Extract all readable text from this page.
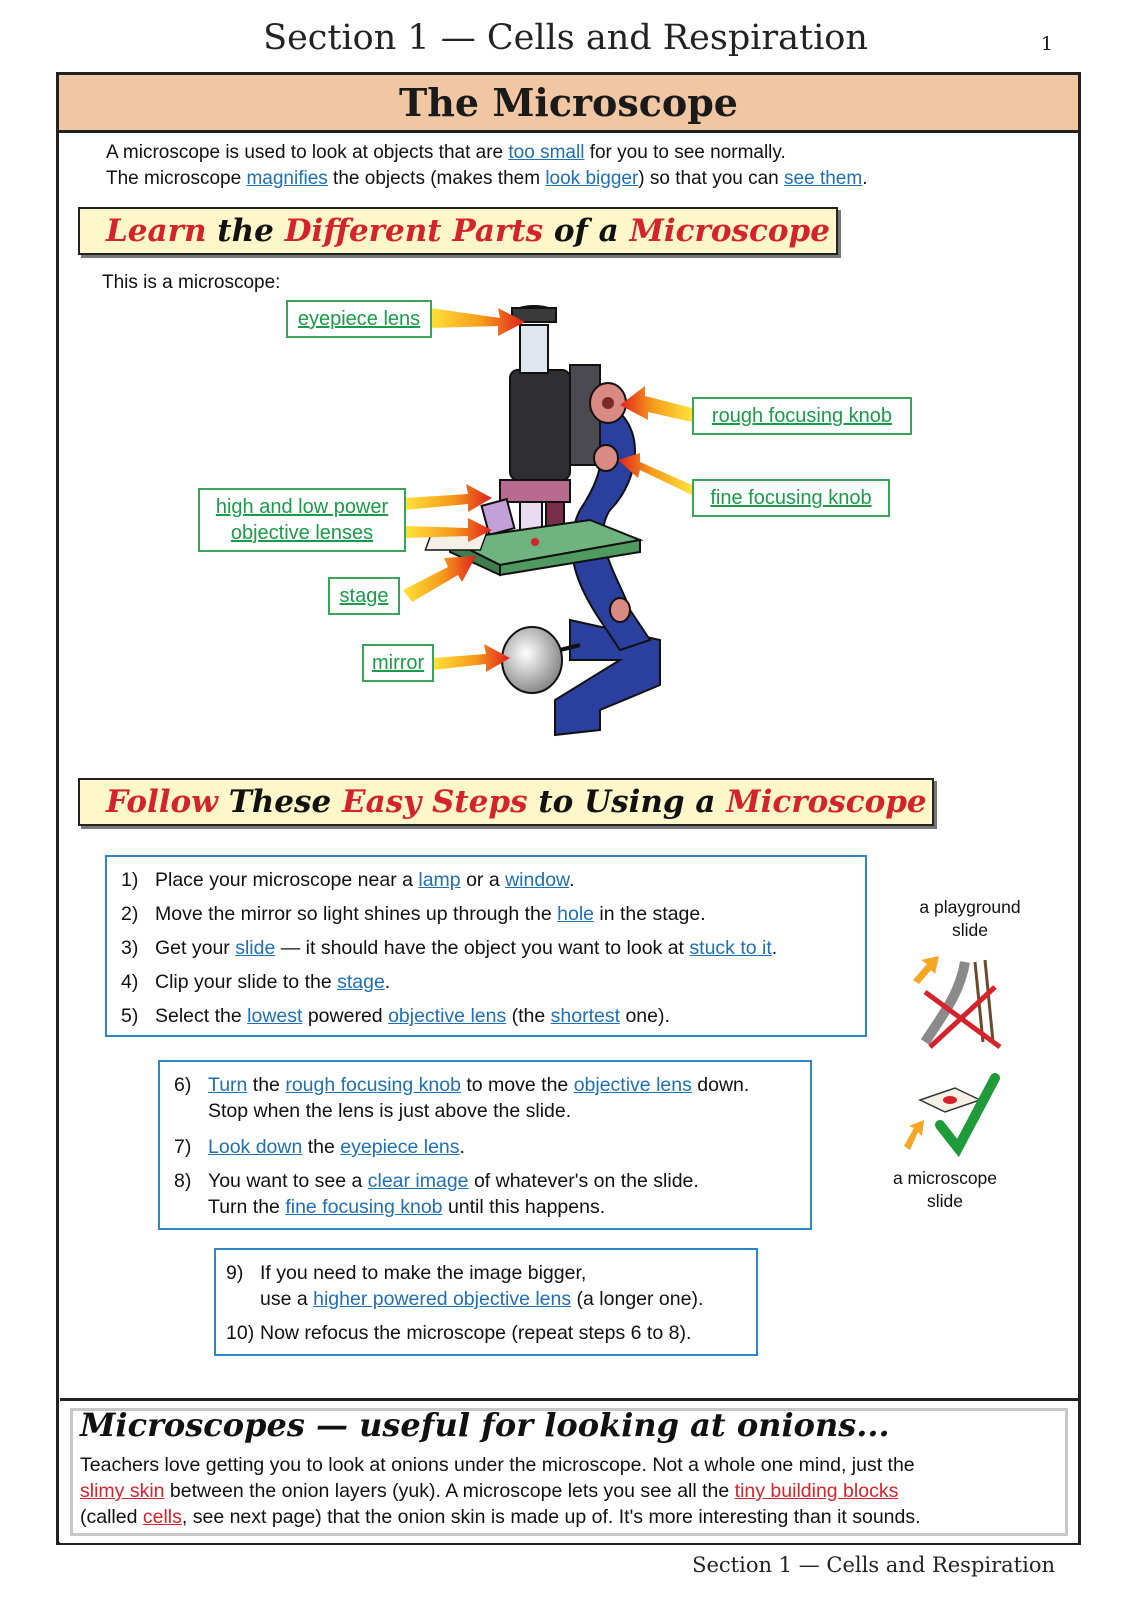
Section 1 — Cells and Respiration	1
The Microscope
A microscope is used to look at objects that are too small for you to see normally.
The microscope magnifies the objects (makes them look bigger) so that you can see them.
Learn the Different Parts of a Microscope
This is a microscope:
eyepiece lens
rough focusing knob
fine focusing knob
high and low power
objective lenses
stage
mirror
Follow These Easy Steps to Using a Microscope
1) Place your microscope near a lamp or a window.
2) Move the mirror so light shines up through the hole in the stage.
3) Get your slide — it should have the object you want to look at stuck to it.
4) Clip your slide to the stage.
5) Select the lowest powered objective lens (the shortest one).
6) Turn the rough focusing knob to move the objective lens down.
Stop when the lens is just above the slide.
7) Look down the eyepiece lens.
8) You want to see a clear image of whatever's on the slide.
Turn the fine focusing knob until this happens.
9) If you need to make the image bigger,
use a higher powered objective lens (a longer one).
10) Now refocus the microscope (repeat steps 6 to 8).
a playground
slide
a microscope
slide
Microscopes — useful for looking at onions...
Teachers love getting you to look at onions under the microscope. Not a whole one mind, just the
slimy skin between the onion layers (yuk). A microscope lets you see all the tiny building blocks
(called cells, see next page) that the onion skin is made up of. It's more interesting than it sounds.
Section 1 — Cells and Respiration
